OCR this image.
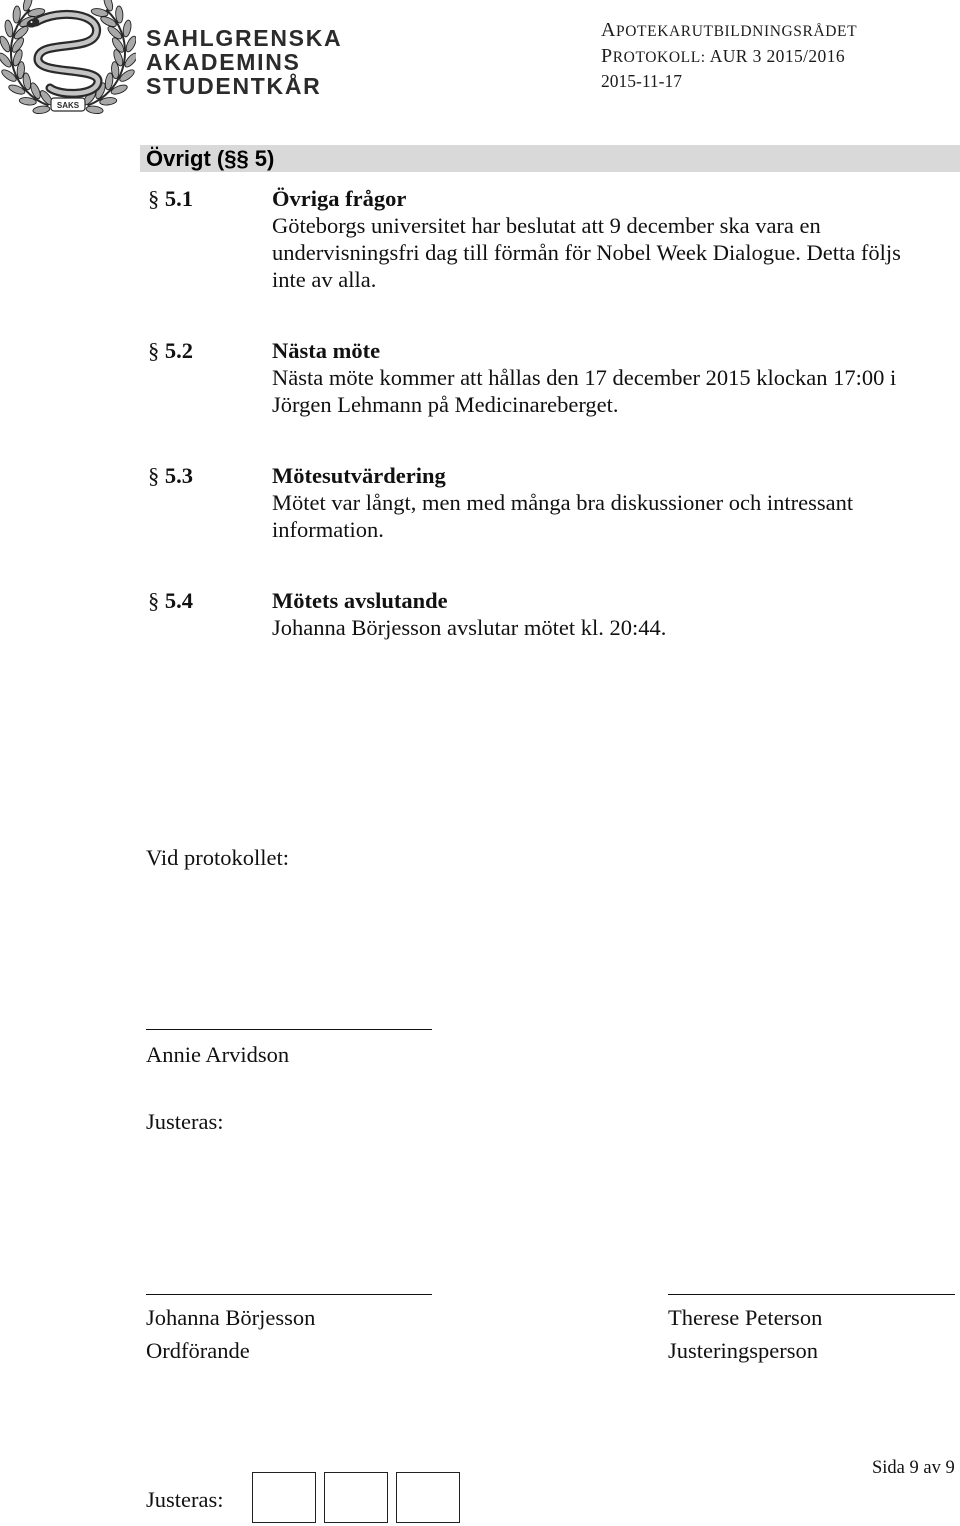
SAKS
SAHLGRENSKA
AKADEMINS
STUDENTKÅR
APOTEKARUTBILDNINGSRÅDET
PROTOKOLL: AUR 3 2015/2016
2015-11-17
Övrigt (§§ 5)
§ 5.1	Övriga frågor
Göteborgs universitet har beslutat att 9 december ska vara en
undervisningsfri dag till förmån för Nobel Week Dialogue. Detta följs
inte av alla.
§ 5.2	Nästa möte
Nästa möte kommer att hållas den 17 december 2015 klockan 17:00 i
Jörgen Lehmann på Medicinareberget.
§ 5.3	Mötesutvärdering
Mötet var långt, men med många bra diskussioner och intressant
information.
§ 5.4	Mötets avslutande
Johanna Börjesson avslutar mötet kl. 20:44.
Vid protokollet:
Annie Arvidson
Justeras:
Johanna Börjesson	Therese Peterson
Ordförande	Justeringsperson
Sida 9 av 9
Justeras:
